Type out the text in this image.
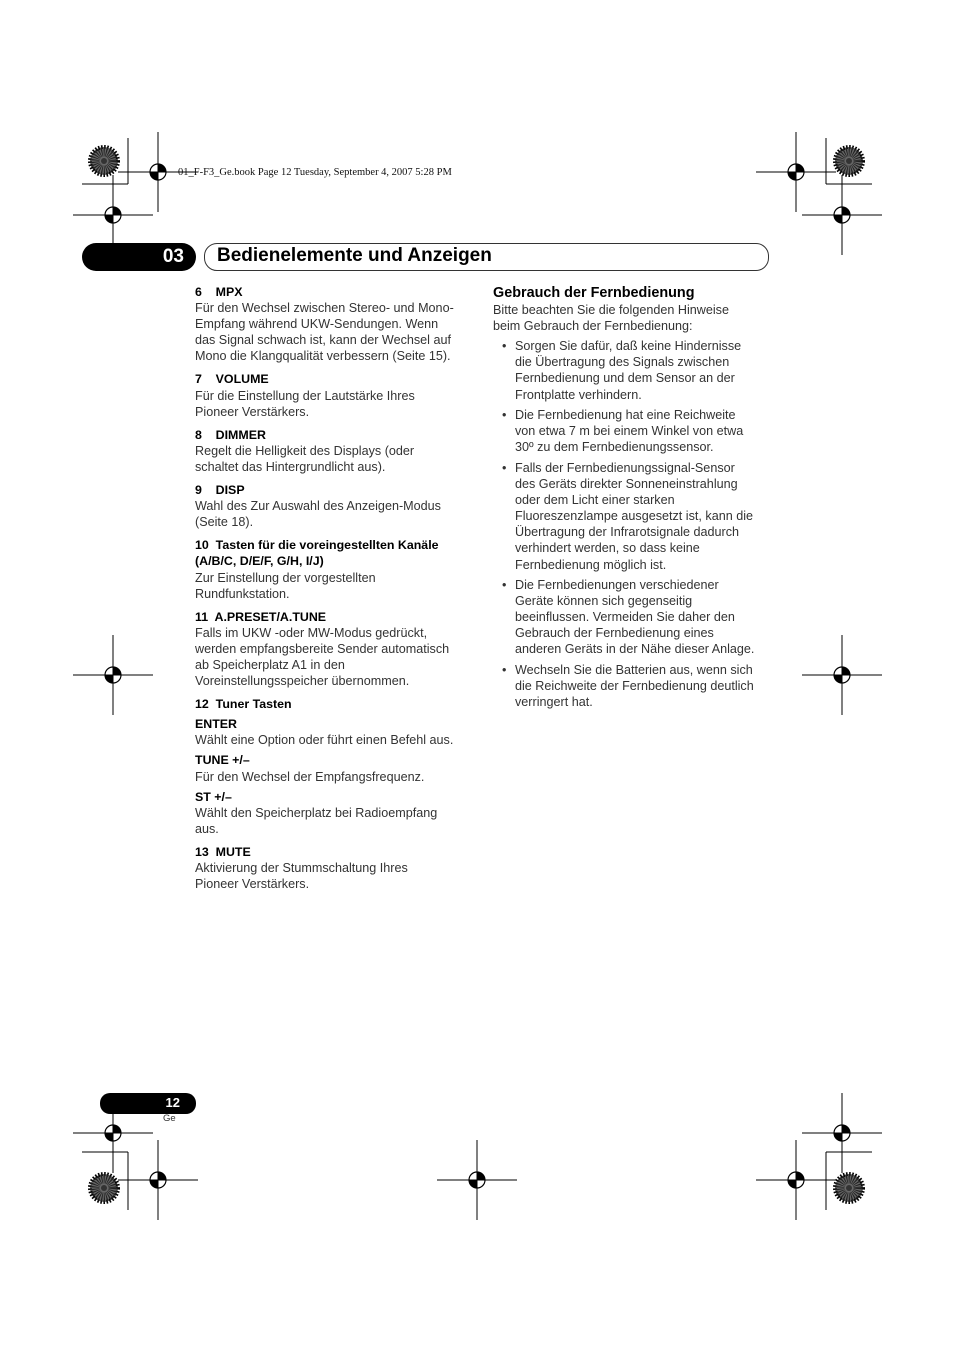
01_F-F3_Ge.book Page 12 Tuesday, September 4, 2007 5:28 PM
03 Bedienelemente und Anzeigen
6    MPX
Für den Wechsel zwischen Stereo- und Mono-
Empfang während UKW-Sendungen. Wenn
das Signal schwach ist, kann der Wechsel auf
Mono die Klangqualität verbessern (Seite 15).
7    VOLUME
Für die Einstellung der Lautstärke Ihres
Pioneer Verstärkers.
8    DIMMER
Regelt die Helligkeit des Displays (oder
schaltet das Hintergrundlicht aus).
9    DISP
Wahl des Zur Auswahl des Anzeigen-Modus
(Seite 18).
10  Tasten für die voreingestellten Kanäle
(A/B/C, D/E/F, G/H, I/J)
Zur Einstellung der vorgestellten
Rundfunkstation.
11  A.PRESET/A.TUNE
Falls im UKW -oder MW-Modus gedrückt,
werden empfangsbereite Sender automatisch
ab Speicherplatz A1 in den
Voreinstellungsspeicher übernommen.
12  Tuner Tasten
ENTER
Wählt eine Option oder führt einen Befehl aus.
TUNE +/–
Für den Wechsel der Empfangsfrequenz.
ST +/–
Wählt den Speicherplatz bei Radioempfang
aus.
13  MUTE
Aktivierung der Stummschaltung Ihres
Pioneer Verstärkers.
Gebrauch der Fernbedienung
Bitte beachten Sie die folgenden Hinweise
beim Gebrauch der Fernbedienung:
• Sorgen Sie dafür, daß keine Hindernisse
die Übertragung des Signals zwischen
Fernbedienung und dem Sensor an der
Frontplatte verhindern.
• Die Fernbedienung hat eine Reichweite
von etwa 7 m bei einem Winkel von etwa
30º zu dem Fernbedienungssensor.
• Falls der Fernbedienungssignal-Sensor
des Geräts direkter Sonneneinstrahlung
oder dem Licht einer starken
Fluoreszenzlampe ausgesetzt ist, kann die
Übertragung der Infrarotsignale dadurch
verhindert werden, so dass keine
Fernbedienung möglich ist.
• Die Fernbedienungen verschiedener
Geräte können sich gegenseitig
beeinflussen. Vermeiden Sie daher den
Gebrauch der Fernbedienung eines
anderen Geräts in der Nähe dieser Anlage.
• Wechseln Sie die Batterien aus, wenn sich
die Reichweite der Fernbedienung deutlich
verringert hat.
12
Ge
